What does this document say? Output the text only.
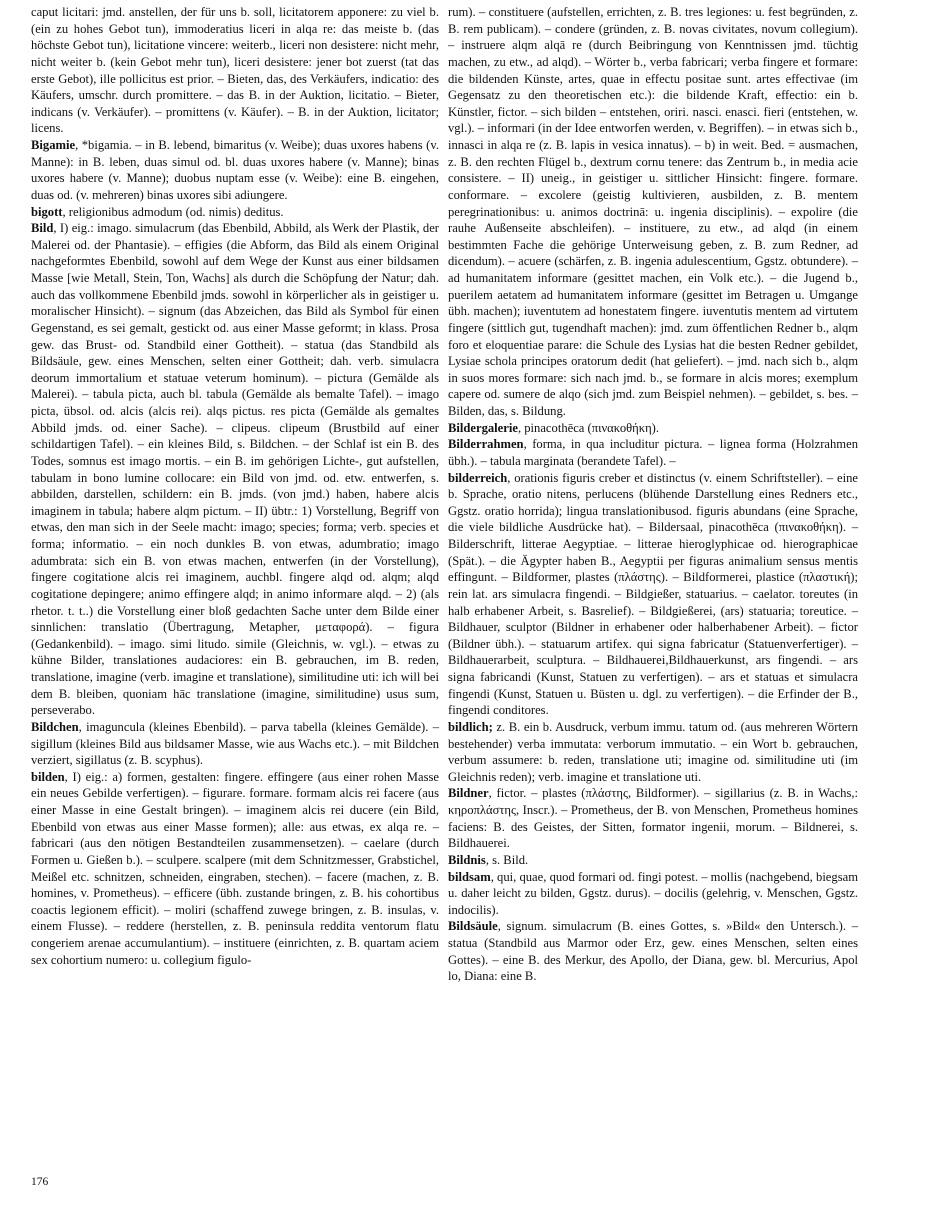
caput licitari: jmd. anstellen, der für uns b. soll, licitatorem apponere: zu viel b. (ein zu hohes Gebot tun), immoderatius liceri in alqa re: das meiste b. (das höchste Gebot tun), licitatione vincere: weiterb., liceri non desistere: nicht mehr, nicht weiter b. (kein Gebot mehr tun), liceri desistere: jener bot zuerst (tat das erste Gebot), ille pollicitus est prior. – Bieten, das, des Verkäufers, indicatio: des Käufers, umschr. durch promittere. – das B. in der Auktion, licitatio. – Bieter, indicans (v. Verkäufer). – promittens (v. Käufer). – B. in der Auktion, licitator; licens.

Bigamie, *bigamia. – in B. lebend, bimaritus (v. Weibe); duas uxores habens (v. Manne): in B. leben, duas simul od. bl. duas uxores habere (v. Manne); binas uxores habere (v. Manne); duobus nuptam esse (v. Weibe): eine B. eingehen, duas od. (v. mehreren) binas uxores sibi adiungere.

bigott, religionibus admodum (od. nimis) deditus.

Bild, I) eig.: imago. simulacrum (das Ebenbild, Abbild, als Werk der Plastik, der Malerei od. der Phantasie). – effigies (die Abform, das Bild als einem Original nachgeformtes Ebenbild, sowohl auf dem Wege der Kunst aus einer bildsamen Masse [wie Metall, Stein, Ton, Wachs] als durch die Schöpfung der Natur; dah. auch das vollkommene Ebenbild jmds. sowohl in körperlicher als in geistiger u. moralischer Hinsicht). – signum (das Abzeichen, das Bild als Symbol für einen Gegenstand, es sei gemalt, gestickt od. aus einer Masse geformt; in klass. Prosa gew. das Brust- od. Standbild einer Gottheit). – statua (das Standbild als Bildsäule, gew. eines Menschen, selten einer Gottheit; dah. verb. simulacra deorum immortalium et statuae veterum hominum). – pictura (Gemälde als Malerei). – tabula picta, auch bl. tabula (Gemälde als bemalte Tafel). – imago picta, übsol. od. alcis (alcis rei). alqs pictus. res picta (Gemälde als gemaltes Abbild jmds. od. einer Sache). – clipeus. clipeum (Brustbild auf einer schildartigen Tafel). – ein kleines Bild, s. Bildchen. – der Schlaf ist ein B. des Todes, somnus est imago mortis. – ein B. im gehörigen Lichte-, gut aufstellen, tabulam in bono lumine collocare: ein Bild von jmd. od. etw. entwerfen, s. abbilden, darstellen, schildern: ein B. jmds. (von jmd.) haben, habere alcis imaginem in tabula; habere alqm pictum. – II) übtr.: 1) Vorstellung, Begriff von etwas, den man sich in der Seele macht: imago; species; forma; verb. species et forma; informatio. – ein noch dunkles B. von etwas, adumbratio; imago adumbrata: sich ein B. von etwas machen, entwerfen (in der Vorstellung), fingere cogitatione alcis rei imaginem, auchbl. fingere alqd od. alqm; alqd cogitatione depingere; animo effingere alqd; in animo informare alqd. – 2) (als rhetor. t. t..) die Vorstellung einer bloß gedachten Sache unter dem Bilde einer sinnlichen: translatio (Übertragung, Metapher, μεταφορά). – figura (Gedankenbild). – imago. simi litudo. simile (Gleichnis, w. vgl.). – etwas zu kühne Bilder, translationes audaciores: ein B. gebrauchen, im B. reden, translatione, imagine (verb. imagine et translatione), similitudine uti: ich will bei dem B. bleiben, quoniam hāc translatione (imagine, similitudine) usus sum, perseverabo.

Bildchen, imaguncula (kleines Ebenbild). – parva tabella (kleines Gemälde). – sigillum (kleines Bild aus bildsamer Masse, wie aus Wachs etc.). – mit Bildchen verziert, sigillatus (z. B. scyphus).

bilden, I) eig.: a) formen, gestalten: fingere. effingere (aus einer rohen Masse ein neues Gebilde verfertigen). – figurare. formare. formam alcis rei facere (aus einer Masse in eine Gestalt bringen). – imaginem alcis rei ducere (ein Bild, Ebenbild von etwas aus einer Masse formen); alle: aus etwas, ex alqa re. – fabricari (aus den nötigen Bestandteilen zusammensetzen). – caelare (durch Formen u. Gießen b.). – sculpere. scalpere (mit dem Schnitzmesser, Grabstichel, Meißel etc. schnitzen, schneiden, eingraben, stechen). – facere (machen, z. B. homines, v. Prometheus). – efficere (übh. zustande bringen, z. B. his cohortibus coactis legionem efficit). – moliri (schaffend zuwege bringen, z. B. insulas, v. einem Flusse). – reddere (herstellen, z. B. peninsula reddita ventorum flatu congeriem arenae accumulantium). – instituere (einrichten, z. B. quartam aciem sex cohortium numero: u. collegium figulo-

rum). – constituere (aufstellen, errichten, z. B. tres legiones: u. fest begründen, z. B. rem publicam). – condere (gründen, z. B. novas civitates, novum collegium). – instruere alqm alqā re (durch Beibringung von Kenntnissen jmd. tüchtig machen, zu etw., ad alqd). – Wörter b., verba fabricari; verba fingere et formare: die bildenden Künste, artes, quae in effectu positae sunt. artes effectivae (im Gegensatz zu den theoretischen etc.): die bildende Kraft, effectio: ein b. Künstler, fictor. – sich bilden – entstehen, oriri. nasci. enasci. fieri (entstehen, w. vgl.). – informari (in der Idee entworfen werden, v. Begriffen). – in etwas sich b., innasci in alqa re (z. B. lapis in vesica innatus). – b) in weit. Bed. = ausmachen, z. B. den rechten Flügel b., dextrum cornu tenere: das Zentrum b., in media acie consistere. – II) uneig., in geistiger u. sittlicher Hinsicht: fingere. formare. conformare. – excolere (geistig kultivieren, ausbilden, z. B. mentem peregrinationibus: u. animos doctrinā: u. ingenia disciplinis). – expolire (die rauhe Außenseite abschleifen). – instituere, zu etw., ad alqd (in einem bestimmten Fache die gehörige Unterweisung geben, z. B. zum Redner, ad dicendum). – acuere (schärfen, z. B. ingenia adulescentium, Ggstz. obtundere). – ad humanitatem informare (gesittet machen, ein Volk etc.). – die Jugend b., puerilem aetatem ad humanitatem informare (gesittet im Betragen u. Umgange übh. machen); iuventutem ad honestatem fingere. iuventutis mentem ad virtutem fingere (sittlich gut, tugendhaft machen): jmd. zum öffentlichen Redner b., alqm foro et eloquentiae parare: die Schule des Lysias hat die besten Redner gebildet, Lysiae schola principes oratorum dedit (hat geliefert). – jmd. nach sich b., alqm in suos mores formare: sich nach jmd. b., se formare in alcis mores; exemplum capere od. sumere de alqo (sich jmd. zum Beispiel nehmen). – gebildet, s. bes. – Bilden, das, s. Bildung.

Bildergalerie, pinacothēca (πινακοθήκη).

Bilderrahmen, forma, in qua includitur pictura. – lignea forma (Holzrahmen übh.). – tabula marginata (berandete Tafel). –

bilderreich, orationis figuris creber et distinctus (v. einem Schriftsteller). – eine b. Sprache, oratio nitens, perlucens (blühende Darstellung eines Redners etc., Ggstz. oratio horrida); lingua translationibusod. figuris abundans (eine Sprache, die viele bildliche Ausdrücke hat). – Bildersaal, pinacothēca (πινακοθήκη). – Bilderschrift, litterae Aegyptiae. – litterae hieroglyphicae od. hierographicae (Spät.). – die Ägypter haben B., Aegyptii per figuras animalium sensus mentis effingunt. – Bildformer, plastes (πλάστης). – Bildformerei, plastice (πλαστική); rein lat. ars simulacra fingendi. – Bildgießer, statuarius. – caelator. toreutes (in halb erhabener Arbeit, s. Basrelief). – Bildgießerei, (ars) statuaria; toreutice. – Bildhauer, sculptor (Bildner in erhabener oder halberhabener Arbeit). – fictor (Bildner übh.). – statuarum artifex. qui signa fabricatur (Statuenverfertiger). – Bildhauerarbeit, sculptura. – Bildhauerei,Bildhauerkunst, ars fingendi. – ars signa fabricandi (Kunst, Statuen zu verfertigen). – ars et statuas et simulacra fingendi (Kunst, Statuen u. Büsten u. dgl. zu verfertigen). – die Erfinder der B., fingendi conditores.

bildlich; z. B. ein b. Ausdruck, verbum immu. tatum od. (aus mehreren Wörtern bestehender) verba immutata: verborum immutatio. – ein Wort b. gebrauchen, verbum assumere: b. reden, translatione uti; imagine od. similitudine uti (im Gleichnis reden); verb. imagine et translatione uti.

Bildner, fictor. – plastes (πλάστης, Bildformer). – sigillarius (z. B. in Wachs,: κηροπλάστης, Inscr.). – Prometheus, der B. von Menschen, Prometheus homines faciens: B. des Geistes, der Sitten, formator ingenii, morum. – Bildnerei, s. Bildhauerei.

Bildnis, s. Bild.

bildsam, qui, quae, quod formari od. fingi potest. – mollis (nachgebend, biegsam u. daher leicht zu bilden, Ggstz. durus). – docilis (gelehrig, v. Menschen, Ggstz. indocilis).

Bildsäule, signum. simulacrum (B. eines Gottes, s. »Bild« den Untersch.). – statua (Standbild aus Marmor oder Erz, gew. eines Menschen, selten eines Gottes). – eine B. des Merkur, des Apollo, der Diana, gew. bl. Mercurius, Apol lo, Diana: eine B.

176
